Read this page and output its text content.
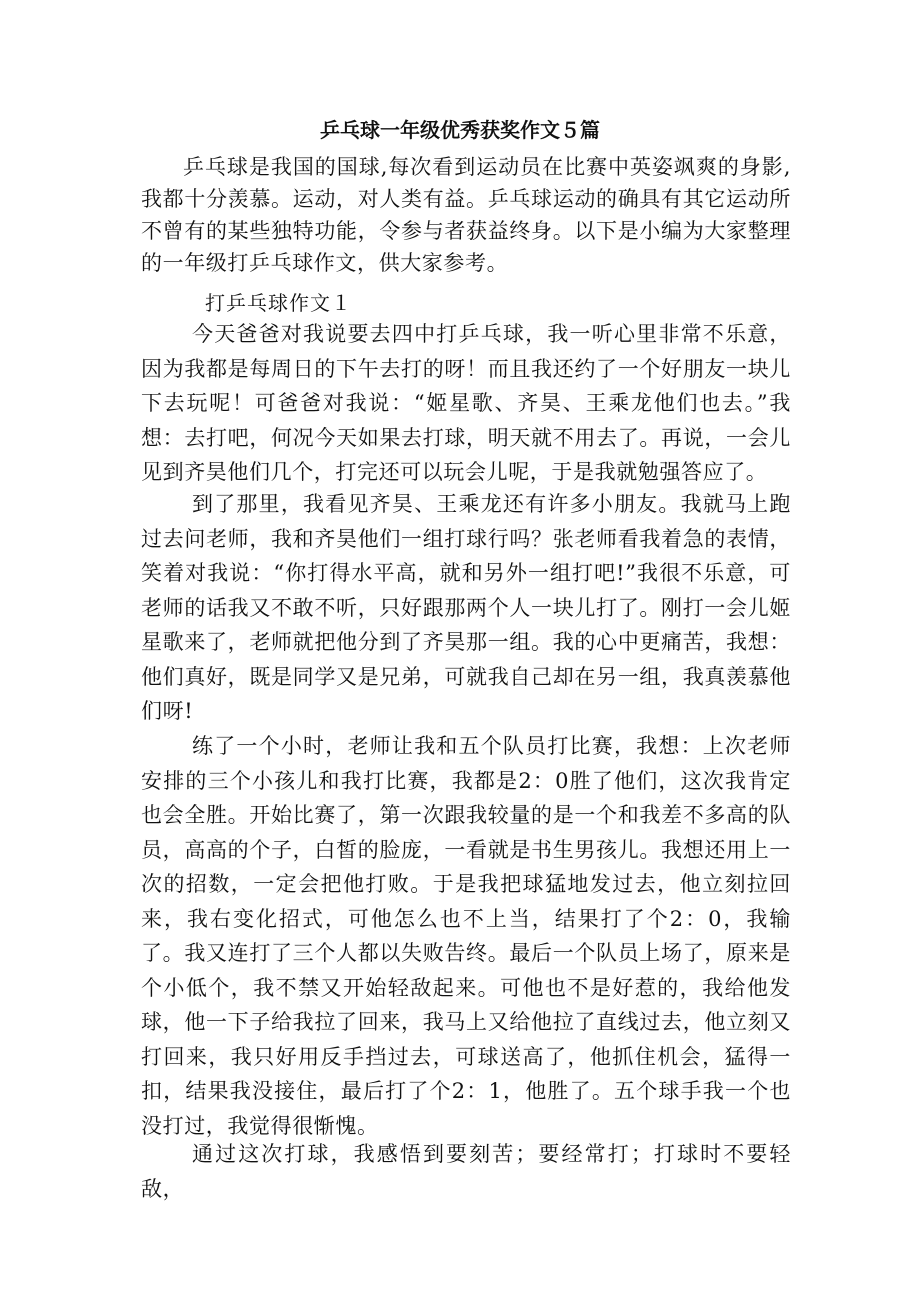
乒乓球一年级优秀获奖作文５篇

乒乓球是我国的国球,每次看到运动员在比赛中英姿飒爽的身影,我都十分羡慕。运动，对人类有益。乒乓球运动的确具有其它运动所不曾有的某些独特功能，令参与者获益终身。以下是小编为大家整理的一年级打乒乓球作文，供大家参考。

打乒乓球作文１

今天爸爸对我说要去四中打乒乓球，我一听心里非常不乐意，因为我都是每周日的下午去打的呀！而且我还约了一个好朋友一块儿下去玩呢！可爸爸对我说：“姬星歌、齐昊、王乘龙他们也去。”我想：去打吧，何况今天如果去打球，明天就不用去了。再说，一会儿见到齐昊他们几个，打完还可以玩会儿呢，于是我就勉强答应了。

到了那里，我看见齐昊、王乘龙还有许多小朋友。我就马上跑过去问老师，我和齐昊他们一组打球行吗？张老师看我着急的表情，笑着对我说：“你打得水平高，就和另外一组打吧!”我很不乐意，可老师的话我又不敢不听，只好跟那两个人一块儿打了。刚打一会儿姬星歌来了，老师就把他分到了齐昊那一组。我的心中更痛苦，我想：他们真好，既是同学又是兄弟，可就我自己却在另一组，我真羡慕他们呀!

练了一个小时，老师让我和五个队员打比赛，我想：上次老师安排的三个小孩儿和我打比赛，我都是2：0胜了他们，这次我肯定也会全胜。开始比赛了，第一次跟我较量的是一个和我差不多高的队员，高高的个子，白皙的脸庞，一看就是书生男孩儿。我想还用上一次的招数，一定会把他打败。于是我把球猛地发过去，他立刻拉回来，我右变化招式，可他怎么也不上当，结果打了个2：0，我输了。我又连打了三个人都以失败告终。最后一个队员上场了，原来是个小低个，我不禁又开始轻敌起来。可他也不是好惹的，我给他发球，他一下子给我拉了回来，我马上又给他拉了直线过去，他立刻又打回来，我只好用反手挡过去，可球送高了，他抓住机会，猛得一扣，结果我没接住，最后打了个2：1，他胜了。五个球手我一个也没打过，我觉得很惭愧。

通过这次打球，我感悟到要刻苦；要经常打；打球时不要轻敌，
